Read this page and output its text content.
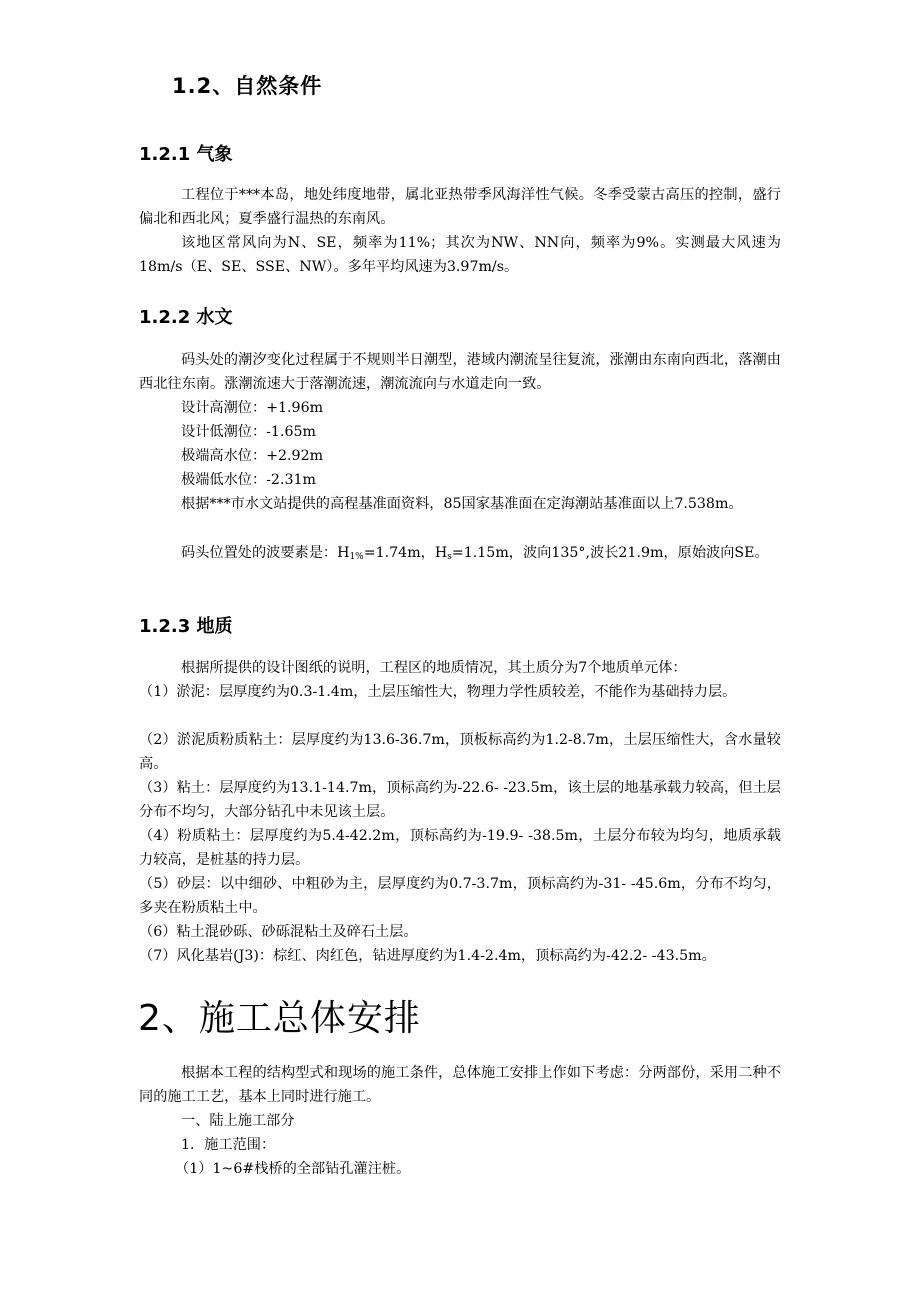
1.2、自然条件
1.2.1 气象
工程位于***本岛，地处纬度地带，属北亚热带季风海洋性气候。冬季受蒙古高压的控制，盛行偏北和西北风；夏季盛行温热的东南风。
该地区常风向为N、SE，频率为11%；其次为NW、NN向，频率为9%。实测最大风速为18m/s（E、SE、SSE、NW）。多年平均风速为3.97m/s。
1.2.2 水文
码头处的潮汐变化过程属于不规则半日潮型，港域内潮流呈往复流，涨潮由东南向西北，落潮由西北往东南。涨潮流速大于落潮流速，潮流流向与水道走向一致。
设计高潮位：+1.96m
设计低潮位：-1.65m
极端高水位：+2.92m
极端低水位：-2.31m
根据***市水文站提供的高程基准面资料，85国家基准面在定海潮站基准面以上7.538m。
码头位置处的波要素是：$H_{1\%}=1.74m$，$H_s=1.15m$，波向135°,波长21.9m，原始波向SE。
1.2.3 地质
根据所提供的设计图纸的说明，工程区的地质情况，其土质分为7个地质单元体：
（1）淤泥：层厚度约为0.3-1.4m，土层压缩性大，物理力学性质较差，不能作为基础持力层。
（2）淤泥质粉质粘土：层厚度约为13.6-36.7m，顶板标高约为1.2-8.7m，土层压缩性大，含水量较高。
（3）粘土：层厚度约为13.1-14.7m，顶标高约为-22.6- -23.5m，该土层的地基承载力较高，但土层分布不均匀，大部分钻孔中未见该土层。
（4）粉质粘土：层厚度约为5.4-42.2m，顶标高约为-19.9- -38.5m，土层分布较为均匀，地质承载力较高，是桩基的持力层。
（5）砂层：以中细砂、中粗砂为主，层厚度约为0.7-3.7m，顶标高约为-31- -45.6m，分布不均匀，多夹在粉质粘土中。
（6）粘土混砂砾、砂砾混粘土及碎石土层。
（7）风化基岩(J3)：棕红、肉红色，钻进厚度约为1.4-2.4m，顶标高约为-42.2- -43.5m。
2、施工总体安排
根据本工程的结构型式和现场的施工条件，总体施工安排上作如下考虑：分两部份，采用二种不同的施工工艺，基本上同时进行施工。
一、陆上施工部分
1．施工范围：
（1）1~6#栈桥的全部钻孔灌注桩。
